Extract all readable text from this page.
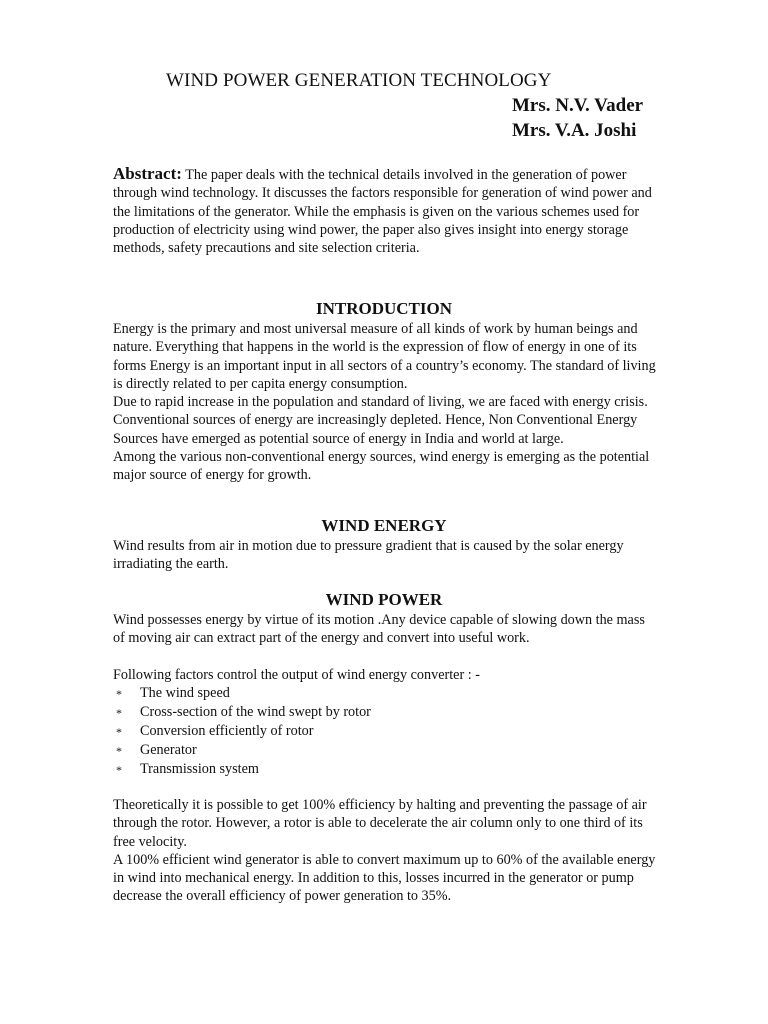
WIND POWER GENERATION TECHNOLOGY
Mrs. N.V. Vader
Mrs. V.A. Joshi

Abstract: The paper deals with the technical details involved in the generation of power through wind technology. It discusses the factors responsible for generation of wind power and the limitations of the generator. While the emphasis is given on the various schemes used for production of electricity using wind power, the paper also gives insight into energy storage methods, safety precautions and site selection criteria.

INTRODUCTION

Energy is the primary and most universal measure of all kinds of work by human beings and nature. Everything that happens in the world is the expression of flow of energy in one of its forms Energy is an important input in all sectors of a country’s economy. The standard of living is directly related to per capita energy consumption.

Due to rapid increase in the population and standard of living, we are faced with energy crisis. Conventional sources of energy are increasingly depleted. Hence, Non Conventional Energy Sources have emerged as potential source of energy in India and world at large.

Among the various non-conventional energy sources, wind energy is emerging as the potential major source of energy for growth.

WIND ENERGY

Wind results from air in motion due to pressure gradient that is caused by the solar energy irradiating the earth.

WIND POWER

Wind possesses energy by virtue of its motion .Any device capable of slowing down the mass of moving air can extract part of the energy and convert into useful work.

Following factors control the output of wind energy converter : -

* The wind speed
* Cross-section of the wind swept by rotor
* Conversion efficiently of rotor
* Generator
* Transmission system

Theoretically it is possible to get 100% efficiency by halting and preventing the passage of air through the rotor. However, a rotor is able to decelerate the air column only to one third of its free velocity.

A 100% efficient wind generator is able to convert maximum up to 60% of the available energy in wind into mechanical energy. In addition to this, losses incurred in the generator or pump decrease the overall efficiency of power generation to 35%.
